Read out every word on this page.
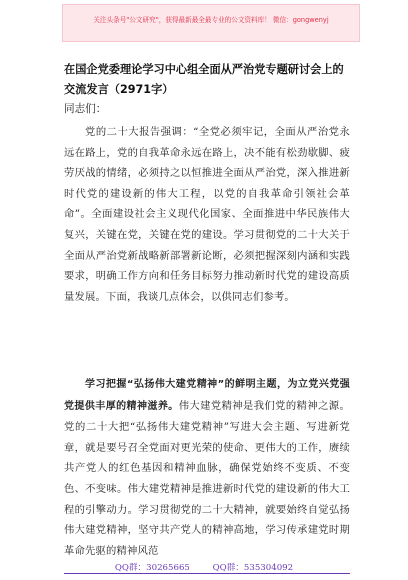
关注头条号"公文研究"，获得最新最全最专业的公文资料库！ 微信：gongwenyj
在国企党委理论学习中心组全面从严治党专题研讨会上的交流发言（2971字）
同志们：
党的二十大报告强调：“全党必须牢记，全面从严治党永远在路上，党的自我革命永远在路上，决不能有松劲歇脚、疲劳厌战的情绪，必须持之以恒推进全面从严治党，深入推进新时代党的建设新的伟大工程，以党的自我革命引领社会革命”。全面建设社会主义现代化国家、全面推进中华民族伟大复兴，关键在党，关键在党的建设。学习贯彻党的二十大关于全面从严治党新战略新部署新论断，必须把握深刻内涵和实践要求，明确工作方向和任务目标努力推动新时代党的建设高质量发展。下面，我谈几点体会，以供同志们参考。
学习把握“弘扬伟大建党精神”的鲜明主题，为立党兴党强党提供丰厚的精神滋养。伟大建党精神是我们党的精神之源。党的二十大把“弘扬伟大建党精神”写进大会主题、写进新党章，就是要号召全党面对更光荣的使命、更伟大的工作，赓续共产党人的红色基因和精神血脉，确保党始终不变质、不变色、不变味。伟大建党精神是推进新时代党的建设新的伟大工程的引擎动力。学习贯彻党的二十大精神，就要始终自觉弘扬伟大建党精神，坚守共产党人的精神高地，学习传承建党时期革命先驱的精神风范
QQ群：30265665	QQ群：535304092
